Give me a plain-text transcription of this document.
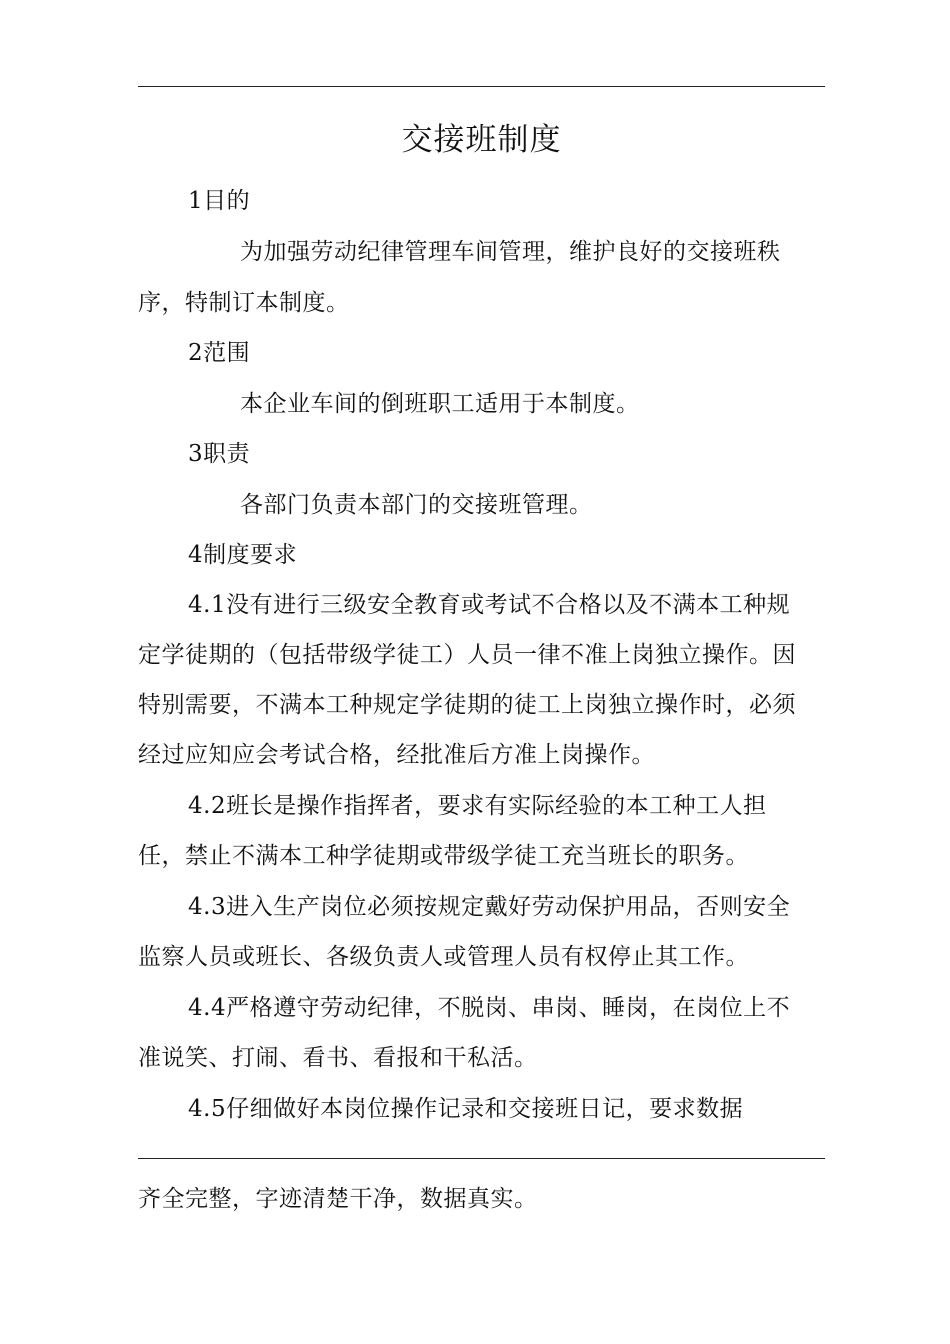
交接班制度
1目的
为加强劳动纪律管理车间管理，维护良好的交接班秩
序，特制订本制度。
2范围
本企业车间的倒班职工适用于本制度。
3职责
各部门负责本部门的交接班管理。
4制度要求
4.1没有进行三级安全教育或考试不合格以及不满本工种规
定学徒期的（包括带级学徒工）人员一律不准上岗独立操作。因
特别需要，不满本工种规定学徒期的徒工上岗独立操作时，必须
经过应知应会考试合格，经批准后方准上岗操作。
4.2班长是操作指挥者，要求有实际经验的本工种工人担
任，禁止不满本工种学徒期或带级学徒工充当班长的职务。
4.3进入生产岗位必须按规定戴好劳动保护用品，否则安全
监察人员或班长、各级负责人或管理人员有权停止其工作。
4.4严格遵守劳动纪律，不脱岗、串岗、睡岗，在岗位上不
准说笑、打闹、看书、看报和干私活。
4.5仔细做好本岗位操作记录和交接班日记，要求数据
齐全完整，字迹清楚干净，数据真实。
